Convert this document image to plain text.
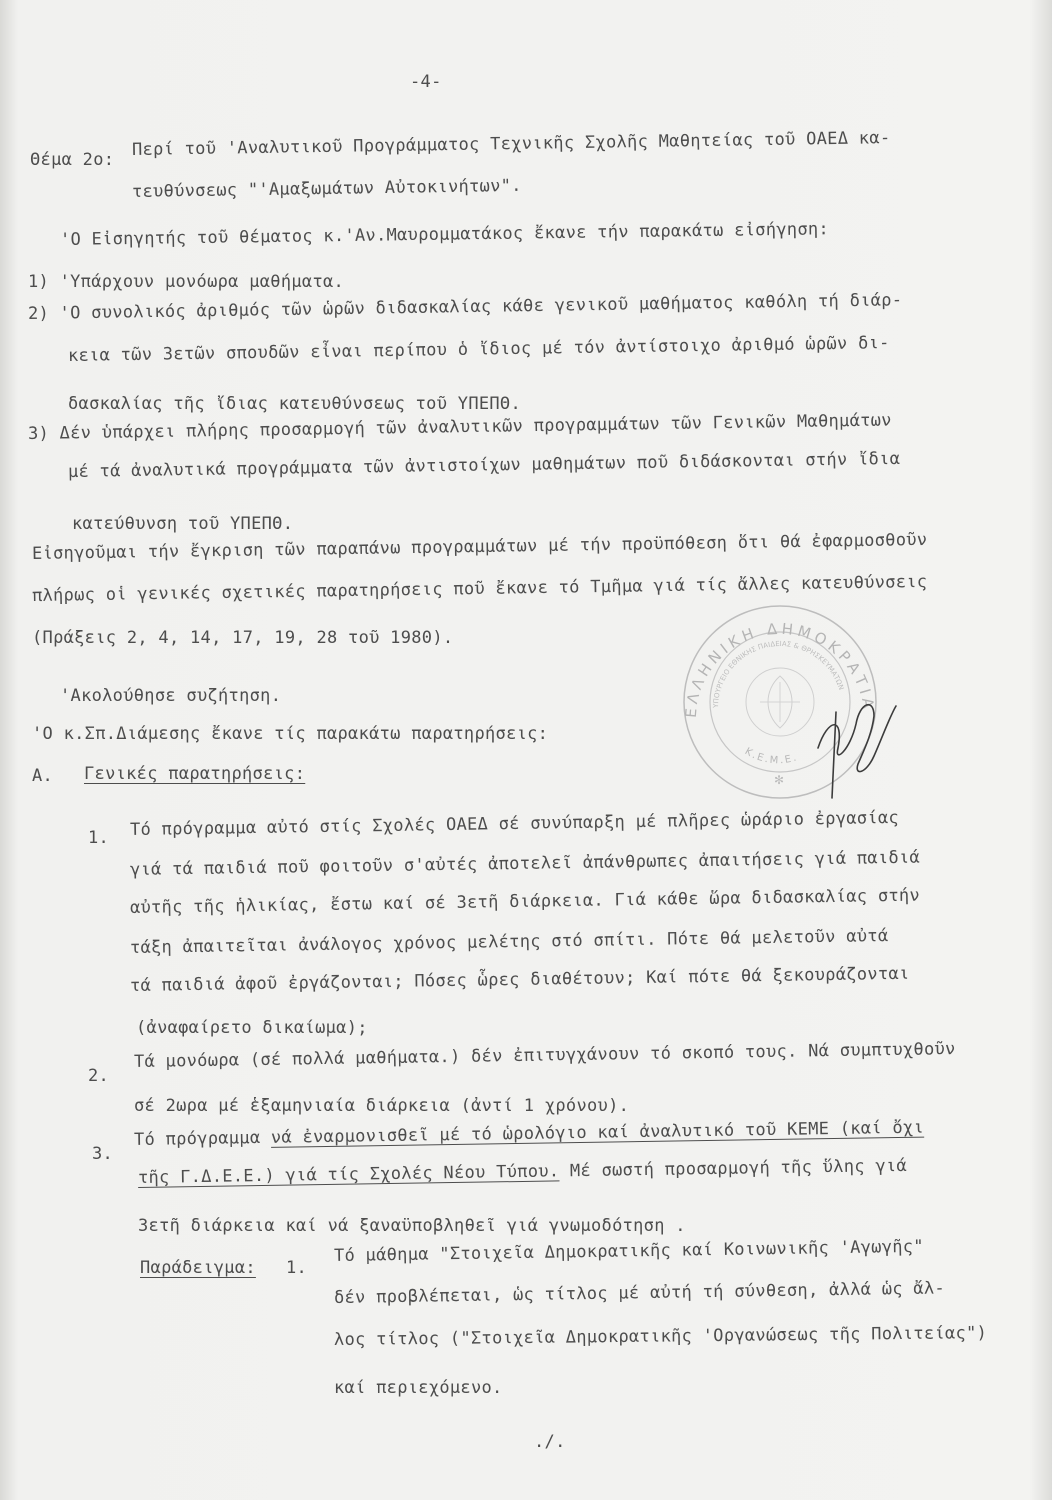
-4-
Θέμα 2ο:
Περί τοῦ 'Αναλυτικοῦ Προγράμματος Τεχνικῆς Σχολῆς Μαθητείας τοῦ ΟΑΕΔ κα-
τευθύνσεως "'Αμαξωμάτων Αὐτοκινήτων".
'Ο Εἰσηγητής τοῦ θέματος κ.'Αν.Μαυρομματάκος ἔκανε τήν παρακάτω εἰσήγηση:
1) 'Υπάρχουν μονόωρα μαθήματα.
2) 'Ο συνολικός ἀριθμός τῶν ὡρῶν διδασκαλίας κάθε γενικοῦ μαθήματος καθόλη τή διάρ-
κεια τῶν 3ετῶν σπουδῶν εἶναι περίπου ὁ ἴδιος μέ τόν ἀντίστοιχο ἀριθμό ὡρῶν δι-
δασκαλίας τῆς ἴδιας κατευθύνσεως τοῦ ΥΠΕΠΘ.
3) Δέν ὑπάρχει πλήρης προσαρμογή τῶν ἀναλυτικῶν προγραμμάτων τῶν Γενικῶν Μαθημάτων
μέ τά ἀναλυτικά προγράμματα τῶν ἀντιστοίχων μαθημάτων ποῦ διδάσκονται στήν ἴδια
κατεύθυνση τοῦ ΥΠΕΠΘ.
Εἰσηγοῦμαι τήν ἔγκριση τῶν παραπάνω προγραμμάτων μέ τήν προϋπόθεση ὅτι θά ἐφαρμοσθοῦν
πλήρως οἱ γενικές σχετικές παρατηρήσεις ποῦ ἔκανε τό Τμῆμα γιά τίς ἄλλες κατευθύνσεις
(Πράξεις 2, 4, 14, 17, 19, 28 τοῦ 1980).
'Ακολούθησε συζήτηση.
'Ο κ.Σπ.Διάμεσης ἔκανε τίς παρακάτω παρατηρήσεις:
Α. Γενικές παρατηρήσεις:
1. Τό πρόγραμμα αὐτό στίς Σχολές ΟΑΕΔ σέ συνύπαρξη μέ πλῆρες ὡράριο ἐργασίας
γιά τά παιδιά ποῦ φοιτοῦν σ'αὐτές ἀποτελεῖ ἀπάνθρωπες ἀπαιτήσεις γιά παιδιά
αὐτῆς τῆς ἡλικίας, ἔστω καί σέ 3ετῆ διάρκεια. Γιά κάθε ὥρα διδασκαλίας στήν
τάξη ἀπαιτεῖται ἀνάλογος χρόνος μελέτης στό σπίτι. Πότε θά μελετοῦν αὐτά
τά παιδιά ἀφοῦ ἐργάζονται; Πόσες ὧρες διαθέτουν; Καί πότε θά ξεκουράζονται
(ἀναφαίρετο δικαίωμα);
2.
Τά μονόωρα (σέ πολλά μαθήματα.) δέν ἐπιτυγχάνουν τό σκοπό τους. Νά συμπτυχθοῦν
σέ 2ωρα μέ ἑξαμηνιαία διάρκεια (ἀντί 1 χρόνου).
3.
Τό πρόγραμμα νά ἐναρμονισθεῖ μέ τό ὡρολόγιο καί ἀναλυτικό τοῦ ΚΕΜΕ (καί ὄχι
τῆς Γ.Δ.Ε.Ε.) γιά τίς Σχολές Νέου Τύπου. Μέ σωστή προσαρμογή τῆς ὕλης γιά
3ετῆ διάρκεια καί νά ξαναϋποβληθεῖ γιά γνωμοδότηση .
Παράδειγμα: 1.
Τό μάθημα "Στοιχεῖα Δημοκρατικῆς καί Κοινωνικῆς 'Αγωγῆς"
δέν προβλέπεται, ὡς τίτλος μέ αὐτή τή σύνθεση, ἀλλά ὡς ἄλ-
λος τίτλος ("Στοιχεῖα Δημοκρατικῆς 'Οργανώσεως τῆς Πολιτείας")
καί περιεχόμενο.
./.
ΕΛΛΗΝΙΚΗ ΔΗΜΟΚΡΑΤΙΑ
ΥΠΟΥΡΓΕΙΟ ΕΘΝΙΚΗΣ ΠΑΙΔΕΙΑΣ & ΘΡΗΣΚΕΥΜΑΤΩΝ
Κ.Ε.Μ.Ε.
✻
